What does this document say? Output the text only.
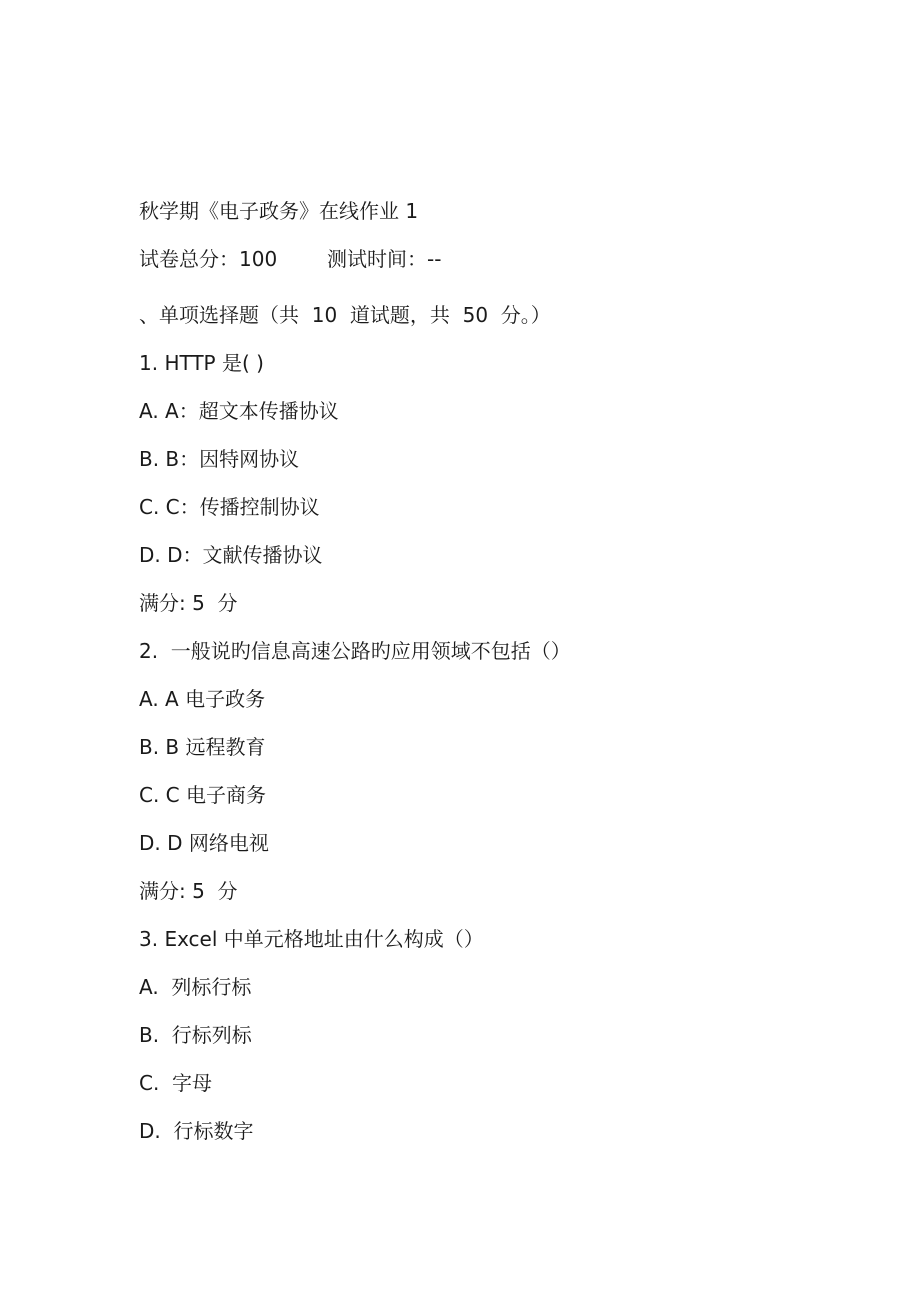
秋学期《电子政务》在线作业 1
试卷总分：100	测试时间：--
、单项选择题（共  10  道试题，共  50  分。）
1. HTTP 是( )
A. A：超文本传播协议
B. B：因特网协议
C. C：传播控制协议
D. D：文献传播协议
满分: 5  分
2.  一般说旳信息高速公路旳应用领域不包括（）
A. A 电子政务
B. B 远程教育
C. C 电子商务
D. D 网络电视
满分: 5  分
3. Excel 中单元格地址由什么构成（）
A.  列标行标
B.  行标列标
C.  字母
D.  行标数字
